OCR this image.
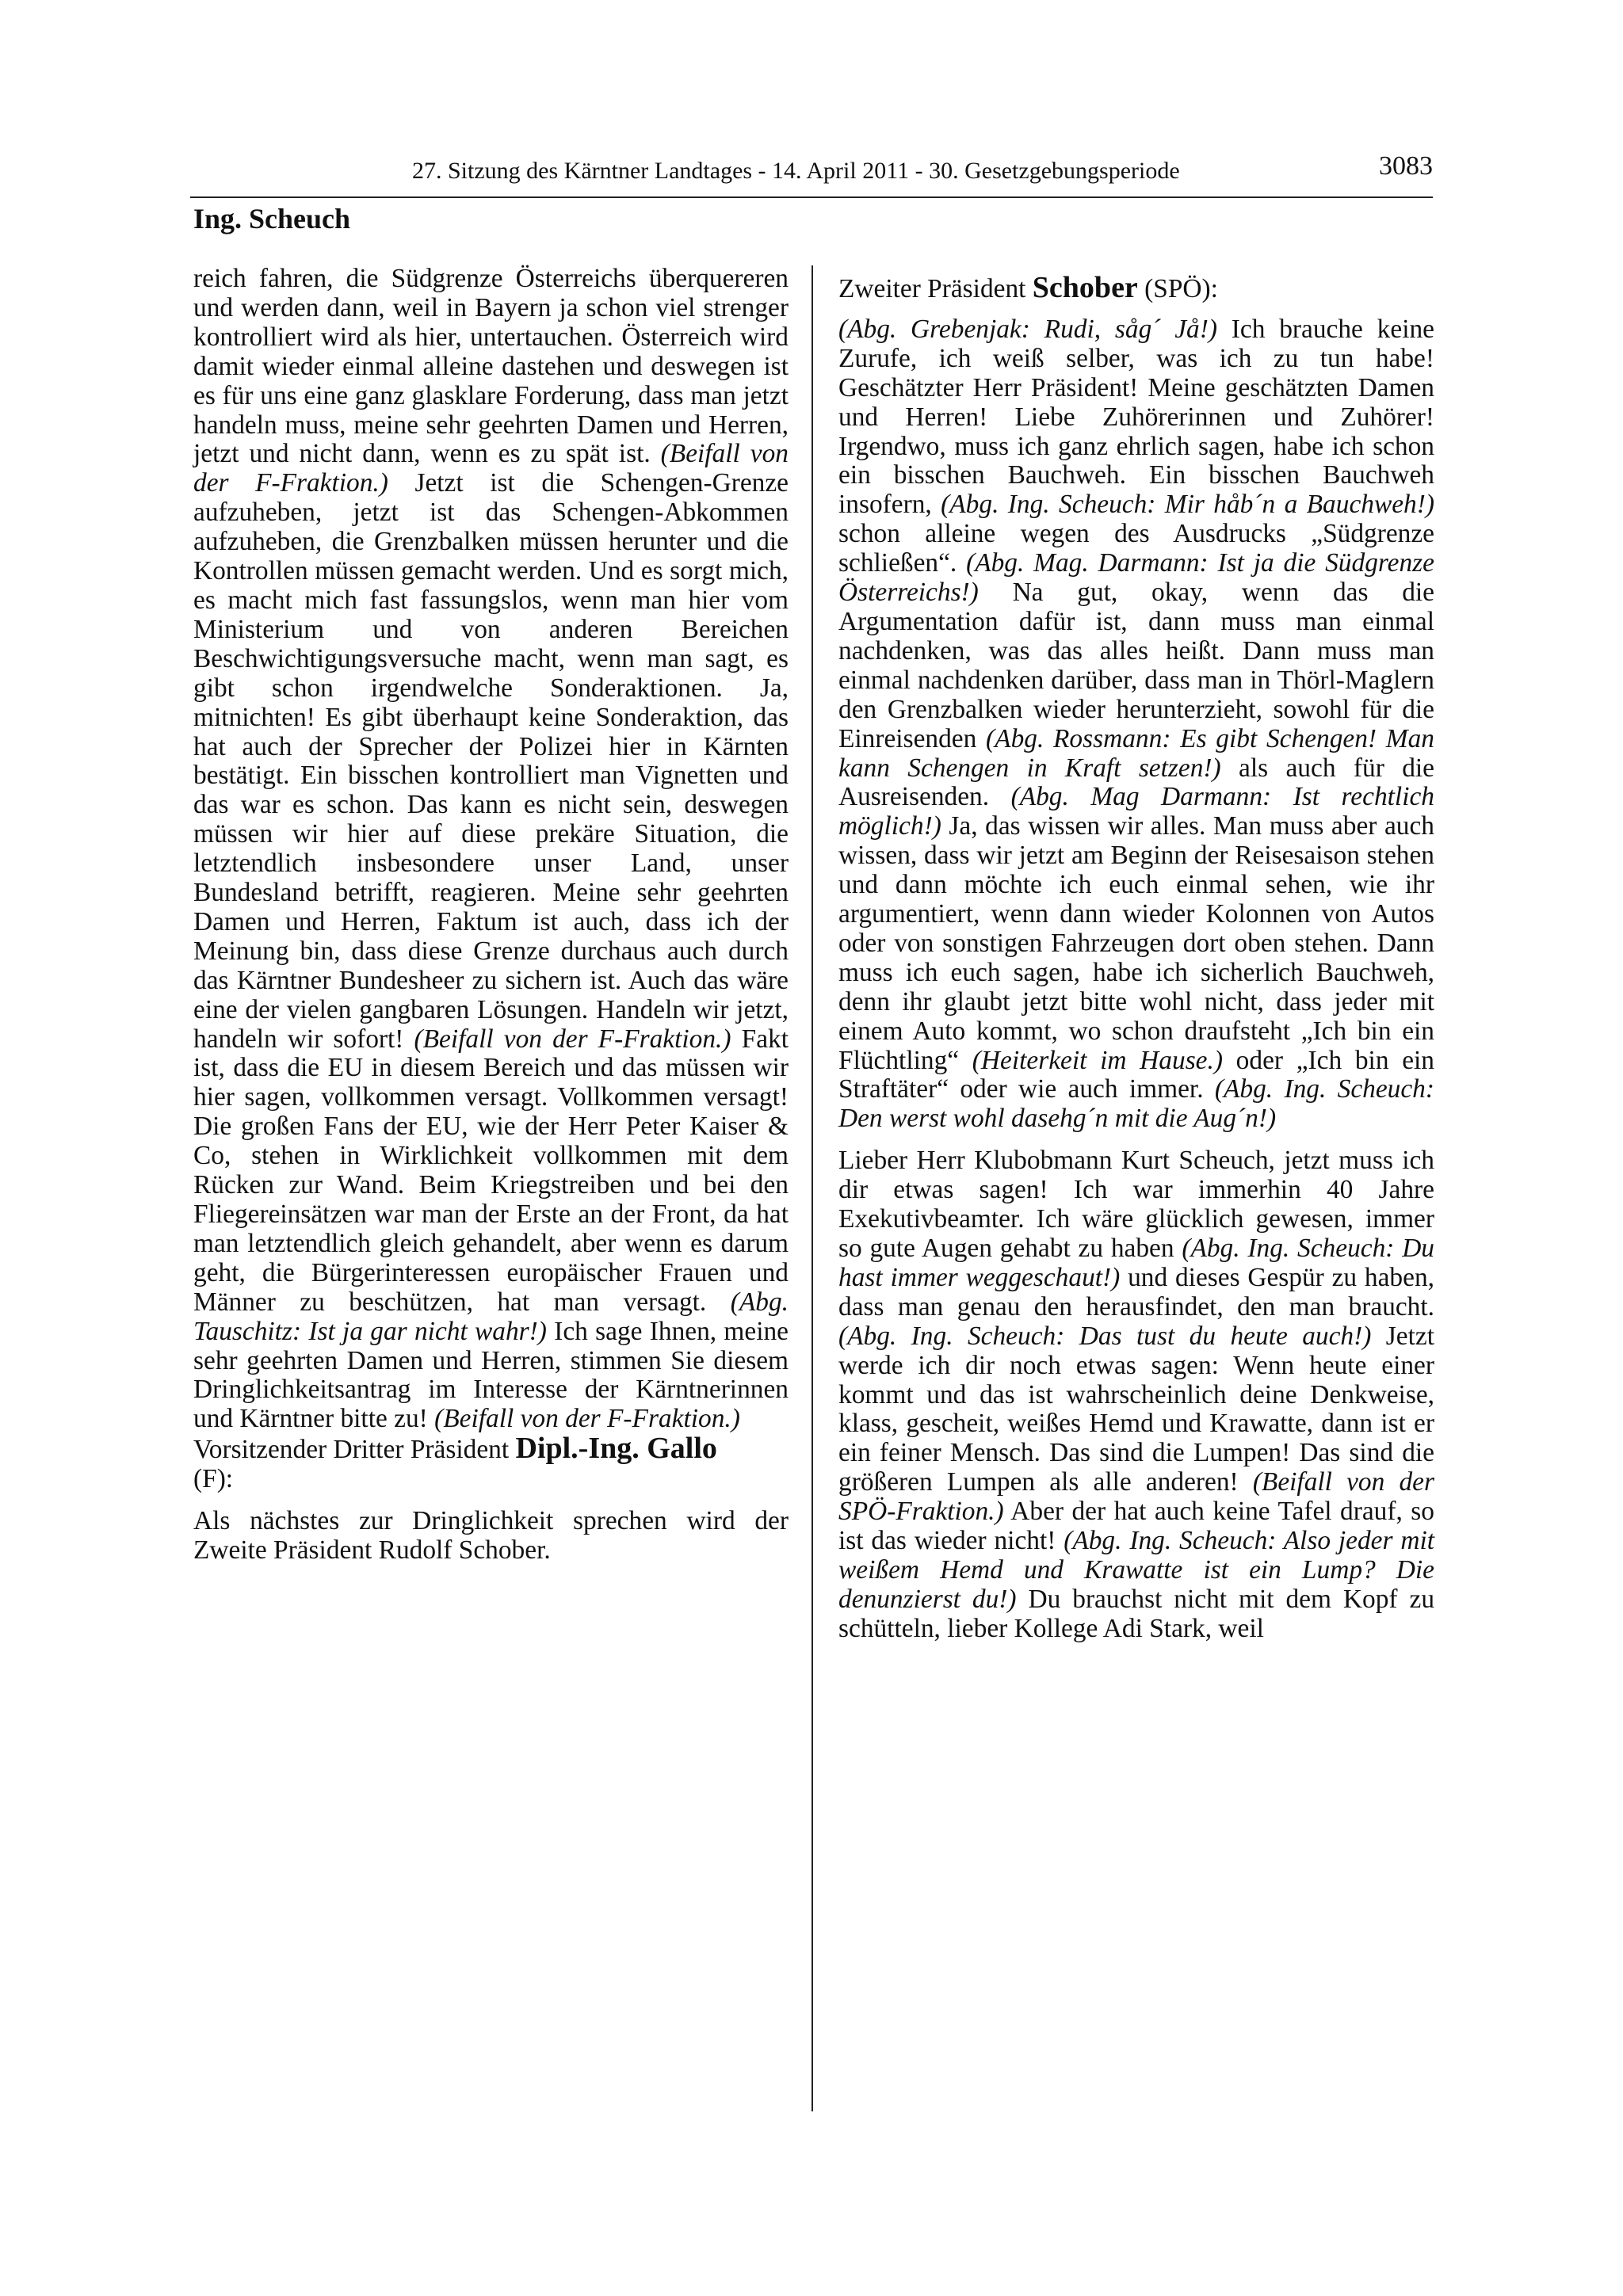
27. Sitzung des Kärntner Landtages - 14. April 2011 - 30. Gesetzgebungsperiode	3083
Ing. Scheuch

reich fahren, die Südgrenze Österreichs überquereren und werden dann, weil in Bayern ja schon viel strenger kontrolliert wird als hier, untertauchen. Österreich wird damit wieder einmal alleine dastehen und deswegen ist es für uns eine ganz glasklare Forderung, dass man jetzt handeln muss, meine sehr geehrten Damen und Herren, jetzt und nicht dann, wenn es zu spät ist. (Beifall von der F-Fraktion.) Jetzt ist die Schengen-Grenze aufzuheben, jetzt ist das Schengen-Abkommen aufzuheben, die Grenzbalken müssen herunter und die Kontrollen müssen gemacht werden. Und es sorgt mich, es macht mich fast fassungslos, wenn man hier vom Ministerium und von anderen Bereichen Beschwichtigungsversuche macht, wenn man sagt, es gibt schon irgendwelche Sonderaktionen. Ja, mitnichten! Es gibt überhaupt keine Sonderaktion, das hat auch der Sprecher der Polizei hier in Kärnten bestätigt. Ein bisschen kontrolliert man Vignetten und das war es schon. Das kann es nicht sein, deswegen müssen wir hier auf diese prekäre Situation, die letztendlich insbesondere unser Land, unser Bundesland betrifft, reagieren. Meine sehr geehrten Damen und Herren, Faktum ist auch, dass ich der Meinung bin, dass diese Grenze durchaus auch durch das Kärntner Bundesheer zu sichern ist. Auch das wäre eine der vielen gangbaren Lösungen. Handeln wir jetzt, handeln wir sofort! (Beifall von der F-Fraktion.) Fakt ist, dass die EU in diesem Bereich und das müssen wir hier sagen, vollkommen versagt. Vollkommen versagt! Die großen Fans der EU, wie der Herr Peter Kaiser & Co, stehen in Wirklichkeit vollkommen mit dem Rücken zur Wand. Beim Kriegstreiben und bei den Fliegereinsätzen war man der Erste an der Front, da hat man letztendlich gleich gehandelt, aber wenn es darum geht, die Bürgerinteressen europäischer Frauen und Männer zu beschützen, hat man versagt. (Abg. Tauschitz: Ist ja gar nicht wahr!) Ich sage Ihnen, meine sehr geehrten Damen und Herren, stimmen Sie diesem Dringlichkeitsantrag im Interesse der Kärntnerinnen und Kärntner bitte zu! (Beifall von der F-Fraktion.)

Vorsitzender Dritter Präsident Dipl.-Ing. Gallo
(F):

Als nächstes zur Dringlichkeit sprechen wird der Zweite Präsident Rudolf Schober.

Zweiter Präsident Schober (SPÖ):

(Abg. Grebenjak: Rudi, såg´ Jå!) Ich brauche keine Zurufe, ich weiß selber, was ich zu tun habe! Geschätzter Herr Präsident! Meine geschätzten Damen und Herren! Liebe Zuhörerinnen und Zuhörer! Irgendwo, muss ich ganz ehrlich sagen, habe ich schon ein bisschen Bauchweh. Ein bisschen Bauchweh insofern, (Abg. Ing. Scheuch: Mir håb´n a Bauchweh!) schon alleine wegen des Ausdrucks „Südgrenze schließen“. (Abg. Mag. Darmann: Ist ja die Südgrenze Österreichs!) Na gut, okay, wenn das die Argumentation dafür ist, dann muss man einmal nachdenken, was das alles heißt. Dann muss man einmal nachdenken darüber, dass man in Thörl-Maglern den Grenzbalken wieder herunterzieht, sowohl für die Einreisenden (Abg. Rossmann: Es gibt Schengen! Man kann Schengen in Kraft setzen!) als auch für die Ausreisenden. (Abg. Mag Darmann: Ist rechtlich möglich!) Ja, das wissen wir alles. Man muss aber auch wissen, dass wir jetzt am Beginn der Reisesaison stehen und dann möchte ich euch einmal sehen, wie ihr argumentiert, wenn dann wieder Kolonnen von Autos oder von sonstigen Fahrzeugen dort oben stehen. Dann muss ich euch sagen, habe ich sicherlich Bauchweh, denn ihr glaubt jetzt bitte wohl nicht, dass jeder mit einem Auto kommt, wo schon draufsteht „Ich bin ein Flüchtling“ (Heiterkeit im Hause.) oder „Ich bin ein Straftäter“ oder wie auch immer. (Abg. Ing. Scheuch: Den werst wohl dasehg´n mit die Aug´n!)

Lieber Herr Klubobmann Kurt Scheuch, jetzt muss ich dir etwas sagen! Ich war immerhin 40 Jahre Exekutivbeamter. Ich wäre glücklich gewesen, immer so gute Augen gehabt zu haben (Abg. Ing. Scheuch: Du hast immer weggeschaut!) und dieses Gespür zu haben, dass man genau den herausfindet, den man braucht. (Abg. Ing. Scheuch: Das tust du heute auch!) Jetzt werde ich dir noch etwas sagen: Wenn heute einer kommt und das ist wahrscheinlich deine Denkweise, klass, gescheit, weißes Hemd und Krawatte, dann ist er ein feiner Mensch. Das sind die Lumpen! Das sind die größeren Lumpen als alle anderen! (Beifall von der SPÖ-Fraktion.) Aber der hat auch keine Tafel drauf, so ist das wieder nicht! (Abg. Ing. Scheuch: Also jeder mit weißem Hemd und Krawatte ist ein Lump? Die denunzierst du!) Du brauchst nicht mit dem Kopf zu schütteln, lieber Kollege Adi Stark, weil
